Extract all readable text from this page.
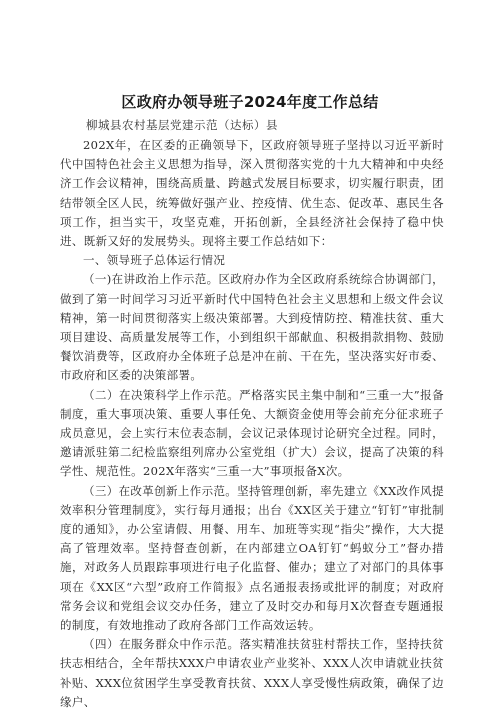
区政府办领导班子2024年度工作总结
柳城县农村基层党建示范（达标）县

202X年，在区委的正确领导下，区政府领导班子坚持以习近平新时代中国特色社会主义思想为指导，深入贯彻落实党的十九大精神和中央经济工作会议精神，围绕高质量、跨越式发展目标要求，切实履行职责，团结带领全区人民，统筹做好强产业、控疫情、优生态、促改革、惠民生各项工作，担当实干，攻坚克难，开拓创新，全县经济社会保持了稳中快进、既新又好的发展势头。现将主要工作总结如下：

一、领导班子总体运行情况

（一)在讲政治上作示范。区政府办作为全区政府系统综合协调部门，做到了第一时间学习习近平新时代中国特色社会主义思想和上级文件会议精神，第一时间贯彻落实上级决策部署。大到疫情防控、精准扶贫、重大项目建设、高质量发展等工作，小到组织干部献血、积极捐款捐物、鼓励餐饮消费等，区政府办全体班子总是冲在前、干在先，坚决落实好市委、市政府和区委的决策部署。

（二）在决策科学上作示范。严格落实民主集中制和“三重一大”报备制度，重大事项决策、重要人事任免、大额资金使用等会前充分征求班子成员意见，会上实行末位表态制，会议记录体现讨论研究全过程。同时，邀请派驻第二纪检监察组列席办公室党组（扩大）会议，提高了决策的科学性、规范性。202X年落实“三重一大”事项报备X次。

（三）在改革创新上作示范。坚持管理创新，率先建立《XX改作风提效率积分管理制度》，实行每月通报；出台《XX区关于建立“钉钉”审批制度的通知》，办公室请假、用餐、用车、加班等实现“指尖”操作，大大提高了管理效率。坚持督查创新，在内部建立OA钉钉“蚂蚁分工”督办措施，对政务人员跟踪事项进行电子化监督、催办；建立了对部门的具体事项在《XX区“六型”政府工作简报》点名通报表扬或批评的制度；对政府常务会议和党组会议交办任务，建立了及时交办和每月X次督查专题通报的制度，有效地推动了政府各部门工作高效运转。

（四）在服务群众中作示范。落实精准扶贫驻村帮扶工作，坚持扶贫扶志相结合，全年帮扶XXX户申请农业产业奖补、XXX人次申请就业扶贫补贴、XXX位贫困学生享受教育扶贫、XXX人享受慢性病政策，确保了边缘户、
